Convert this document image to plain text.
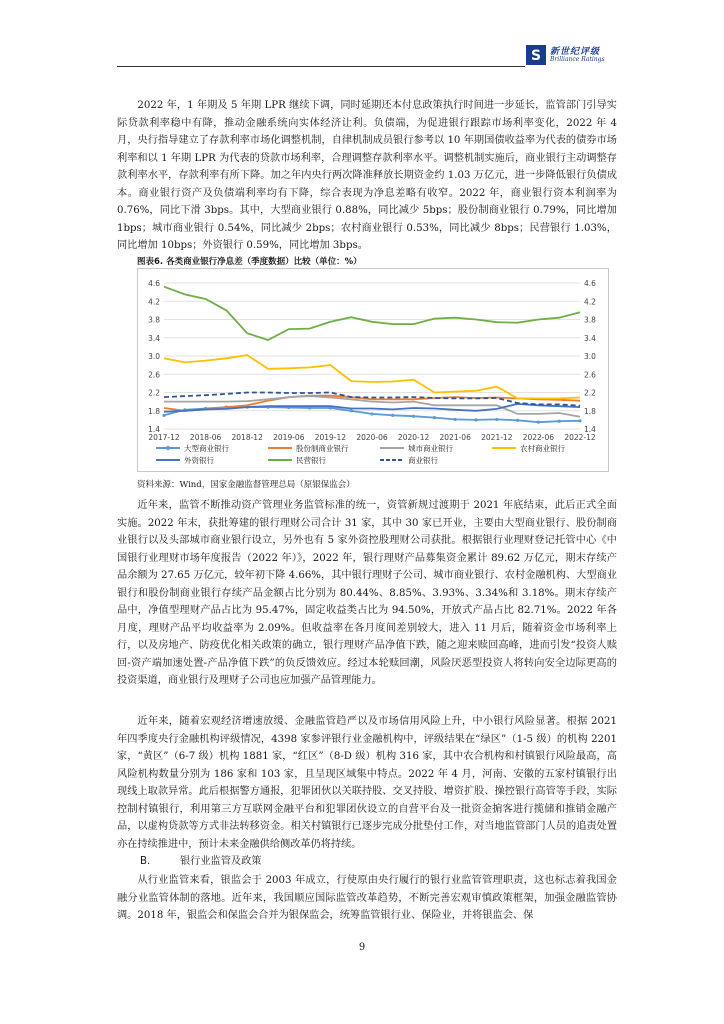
S 新世纪评级
Brilliance Ratings

2022 年，1 年期及 5 年期 LPR 继续下调，同时延期还本付息政策执行时间进一步延长，监管部门引导实际贷款利率稳中有降，推动金融系统向实体经济让利。负债端，为促进银行跟踪市场利率变化，2022 年 4 月，央行指导建立了存款利率市场化调整机制，自律机制成员银行参考以 10 年期国债收益率为代表的债券市场利率和以 1 年期 LPR 为代表的贷款市场利率，合理调整存款利率水平。调整机制实施后，商业银行主动调整存款利率水平，存款利率有所下降。加之年内央行两次降准释放长期资金约 1.03 万亿元，进一步降低银行负债成本。商业银行资产及负债端利率均有下降，综合表现为净息差略有收窄。2022 年，商业银行资本利润率为 0.76%，同比下滑 3bps。其中，大型商业银行 0.88%，同比减少 5bps；股份制商业银行 0.79%，同比增加 1bps；城市商业银行 0.54%，同比减少 2bps；农村商业银行 0.53%，同比减少 8bps；民营银行 1.03%，同比增加 10bps；外资银行 0.59%，同比增加 3bps。

图表6. 各类商业银行净息差（季度数据）比较（单位：%）
1.4	1.4
1.8	1.8
2.2	2.2
2.6	2.6
3.0	3.0
3.4	3.4
3.8	3.8
4.2	4.2
4.6	4.6
2017-12 2018-06 2018-12 2019-06 2019-12 2020-06 2020-12 2021-06 2021-12 2022-06 2022-12
大型商业银行	股份制商业银行	城市商业银行	农村商业银行
外资银行	民营银行	商业银行
资料来源：Wind，国家金融监督管理总局（原银保监会）

近年来，监管不断推动资产管理业务监管标准的统一，资管新规过渡期于 2021 年底结束，此后正式全面实施。2022 年末，获批筹建的银行理财公司合计 31 家，其中 30 家已开业，主要由大型商业银行、股份制商业银行以及头部城市商业银行设立，另外也有 5 家外资控股理财公司获批。根据银行业理财登记托管中心《中国银行业理财市场年度报告（2022 年）》，2022 年，银行理财产品募集资金累计 89.62 万亿元，期末存续产品余额为 27.65 万亿元，较年初下降 4.66%，其中银行理财子公司、城市商业银行、农村金融机构、大型商业银行和股份制商业银行存续产品金额占比分别为 80.44%、8.85%、3.93%、3.34%和 3.18%。期末存续产品中，净值型理财产品占比为 95.47%，固定收益类占比为 94.50%，开放式产品占比 82.71%。2022 年各月度，理财产品平均收益率为 2.09%。但收益率在各月度间差别较大，进入 11 月后，随着资金市场利率上行，以及房地产、防疫优化相关政策的确立，银行理财产品净值下跌，随之迎来赎回高峰，进而引发“投资人赎回-资产端加速处置-产品净值下跌”的负反馈效应。经过本轮赎回潮，风险厌恶型投资人将转向安全边际更高的投资渠道，商业银行及理财子公司也应加强产品管理能力。

近年来，随着宏观经济增速放缓、金融监管趋严以及市场信用风险上升，中小银行风险显著。根据 2021 年四季度央行金融机构评级情况，4398 家参评银行业金融机构中，评级结果在“绿区”（1-5 级）的机构 2201 家，“黄区”（6-7 级）机构 1881 家，“红区”（8-D 级）机构 316 家，其中农合机构和村镇银行风险最高，高风险机构数量分别为 186 家和 103 家，且呈现区域集中特点。2022 年 4 月，河南、安徽的五家村镇银行出现线上取款异常。此后根据警方通报，犯罪团伙以关联持股、交叉持股、增资扩股、操控银行高管等手段，实际控制村镇银行，利用第三方互联网金融平台和犯罪团伙设立的自营平台及一批资金掮客进行揽储和推销金融产品，以虚构贷款等方式非法转移资金。相关村镇银行已逐步完成分批垫付工作，对当地监管部门人员的追责处置亦在持续推进中，预计未来金融供给侧改革仍将持续。

B.	银行业监管及政策

从行业监管来看，银监会于 2003 年成立，行使原由央行履行的银行业监管管理职责，这也标志着我国金融分业监管体制的落地。近年来，我国顺应国际监管改革趋势，不断完善宏观审慎政策框架，加强金融监管协调。2018 年，银监会和保监会合并为银保监会，统筹监管银行业、保险业，并将银监会、保

9
